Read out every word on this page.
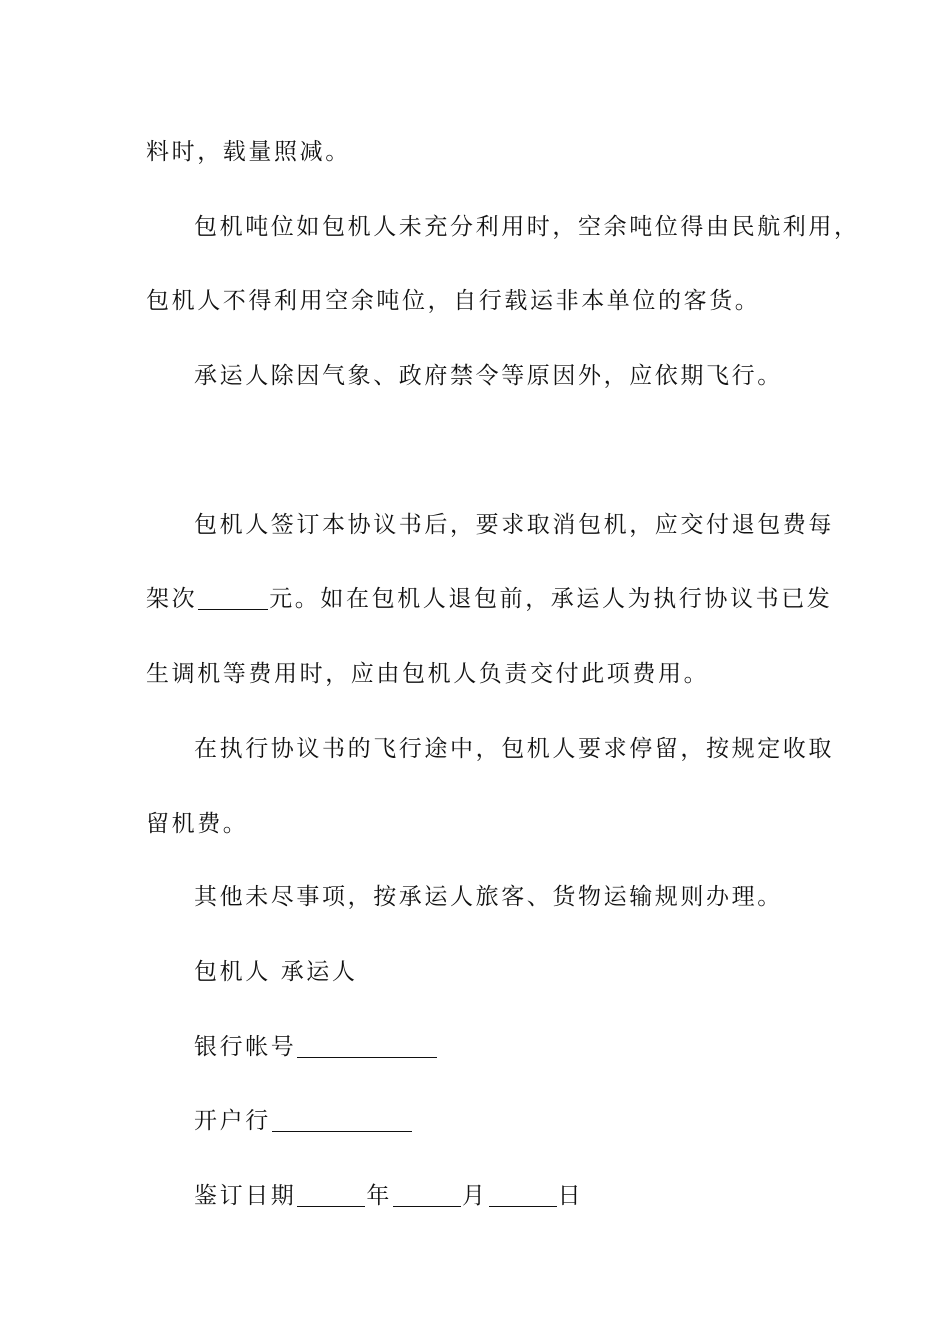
料时，载量照减。
包机吨位如包机人未充分利用时，空余吨位得由民航利用，
包机人不得利用空余吨位，自行载运非本单位的客货。
承运人除因气象、政府禁令等原因外，应依期飞行。
包机人签订本协议书后，要求取消包机，应交付退包费每
架次	元。如在包机人退包前，承运人为执行协议书已发
生调机等费用时，应由包机人负责交付此项费用。
在执行协议书的飞行途中，包机人要求停留，按规定收取
留机费。
其他未尽事项，按承运人旅客、货物运输规则办理。
包机人 承运人
银行帐号
开户行
鉴订日期	年	月	日
